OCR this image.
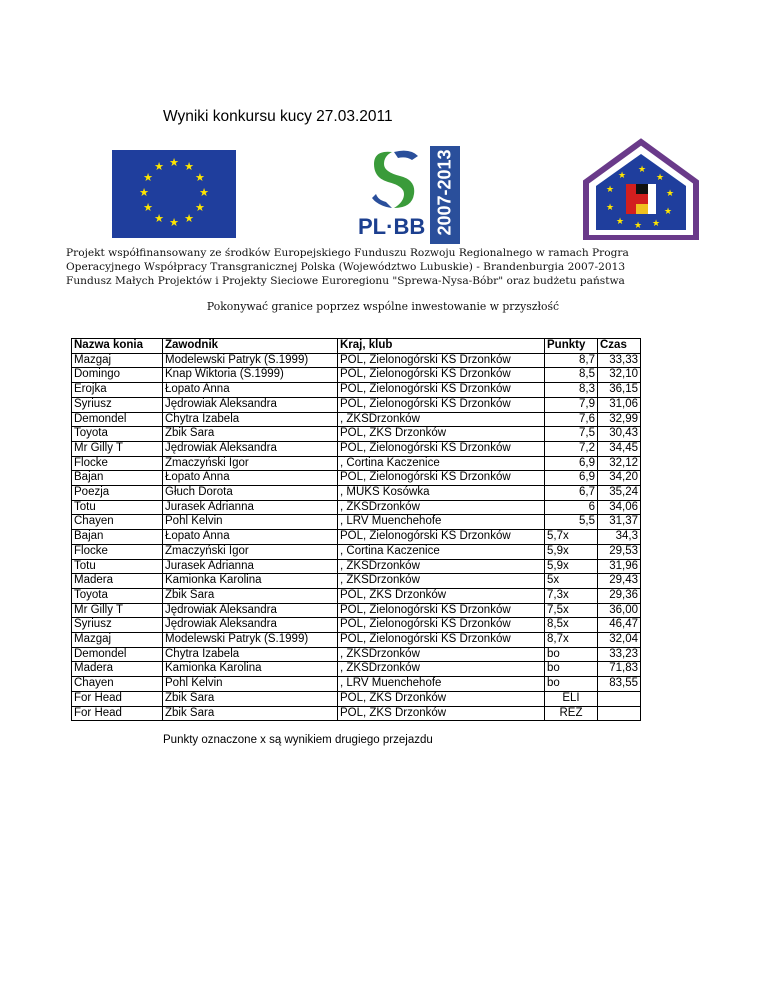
Wyniki konkursu kucy 27.03.2011
★ ★
★
★
★
★
★
★
★
★
★
★
PL·BB 2007-2013	★
★
★
★
★
★
★
★
★
★
Projekt współfinansowany ze środków Europejskiego Funduszu Rozwoju Regionalnego w ramach Progra
Operacyjnego Współpracy Transgranicznej Polska (Województwo Lubuskie) - Brandenburgia 2007-2013
Fundusz Małych Projektów i Projekty Sieciowe Euroregionu "Sprewa-Nysa-Bóbr" oraz budżetu państwa
Pokonywać granice poprzez wspólne inwestowanie w przyszłość
Nazwa konia	Zawodnik	Kraj, klub	Punkty	Czas
Mazgaj	Modelewski Patryk (S.1999)	POL, Zielonogórski KS Drzonków	8,7	33,33
Domingo	Knap Wiktoria (S.1999)	POL, Zielonogórski KS Drzonków	8,5	32,10
Erojka	Łopato Anna	POL, Zielonogórski KS Drzonków	8,3	36,15
Syriusz	Jędrowiak Aleksandra	POL, Zielonogórski KS Drzonków	7,9	31,06
Demondel	Chytra Izabela	, ZKSDrzonków	7,6	32,99
Toyota	Zbik Sara	POL, ZKS Drzonków	7,5	30,43
Mr Gilly T	Jędrowiak Aleksandra	POL, Zielonogórski KS Drzonków	7,2	34,45
Flocke	Zmaczyński Igor	, Cortina Kaczenice	6,9	32,12
Bajan	Łopato Anna	POL, Zielonogórski KS Drzonków	6,9	34,20
Poezja	Głuch Dorota	, MUKS Kosówka	6,7	35,24
Totu	Jurasek Adrianna	, ZKSDrzonków	6	34,06
Chayen	Pohl Kelvin	, LRV Muenchehofe	5,5	31,37
Bajan	Łopato Anna	POL, Zielonogórski KS Drzonków	5,7x	34,3
Flocke	Zmaczyński Igor	, Cortina Kaczenice	5,9x	29,53
Totu	Jurasek Adrianna	, ZKSDrzonków	5,9x	31,96
Madera	Kamionka Karolina	, ZKSDrzonków	5x	29,43
Toyota	Zbik Sara	POL, ZKS Drzonków	7,3x	29,36
Mr Gilly T	Jędrowiak Aleksandra	POL, Zielonogórski KS Drzonków	7,5x	36,00
Syriusz	Jędrowiak Aleksandra	POL, Zielonogórski KS Drzonków	8,5x	46,47
Mazgaj	Modelewski Patryk (S.1999)	POL, Zielonogórski KS Drzonków	8,7x	32,04
Demondel	Chytra Izabela	, ZKSDrzonków	bo	33,23
Madera	Kamionka Karolina	, ZKSDrzonków	bo	71,83
Chayen	Pohl Kelvin	, LRV Muenchehofe	bo	83,55
For Head	Zbik Sara	POL, ZKS Drzonków	ELI	
For Head	Zbik Sara	POL, ZKS Drzonków	REZ	
Punkty oznaczone x są wynikiem drugiego przejazdu
